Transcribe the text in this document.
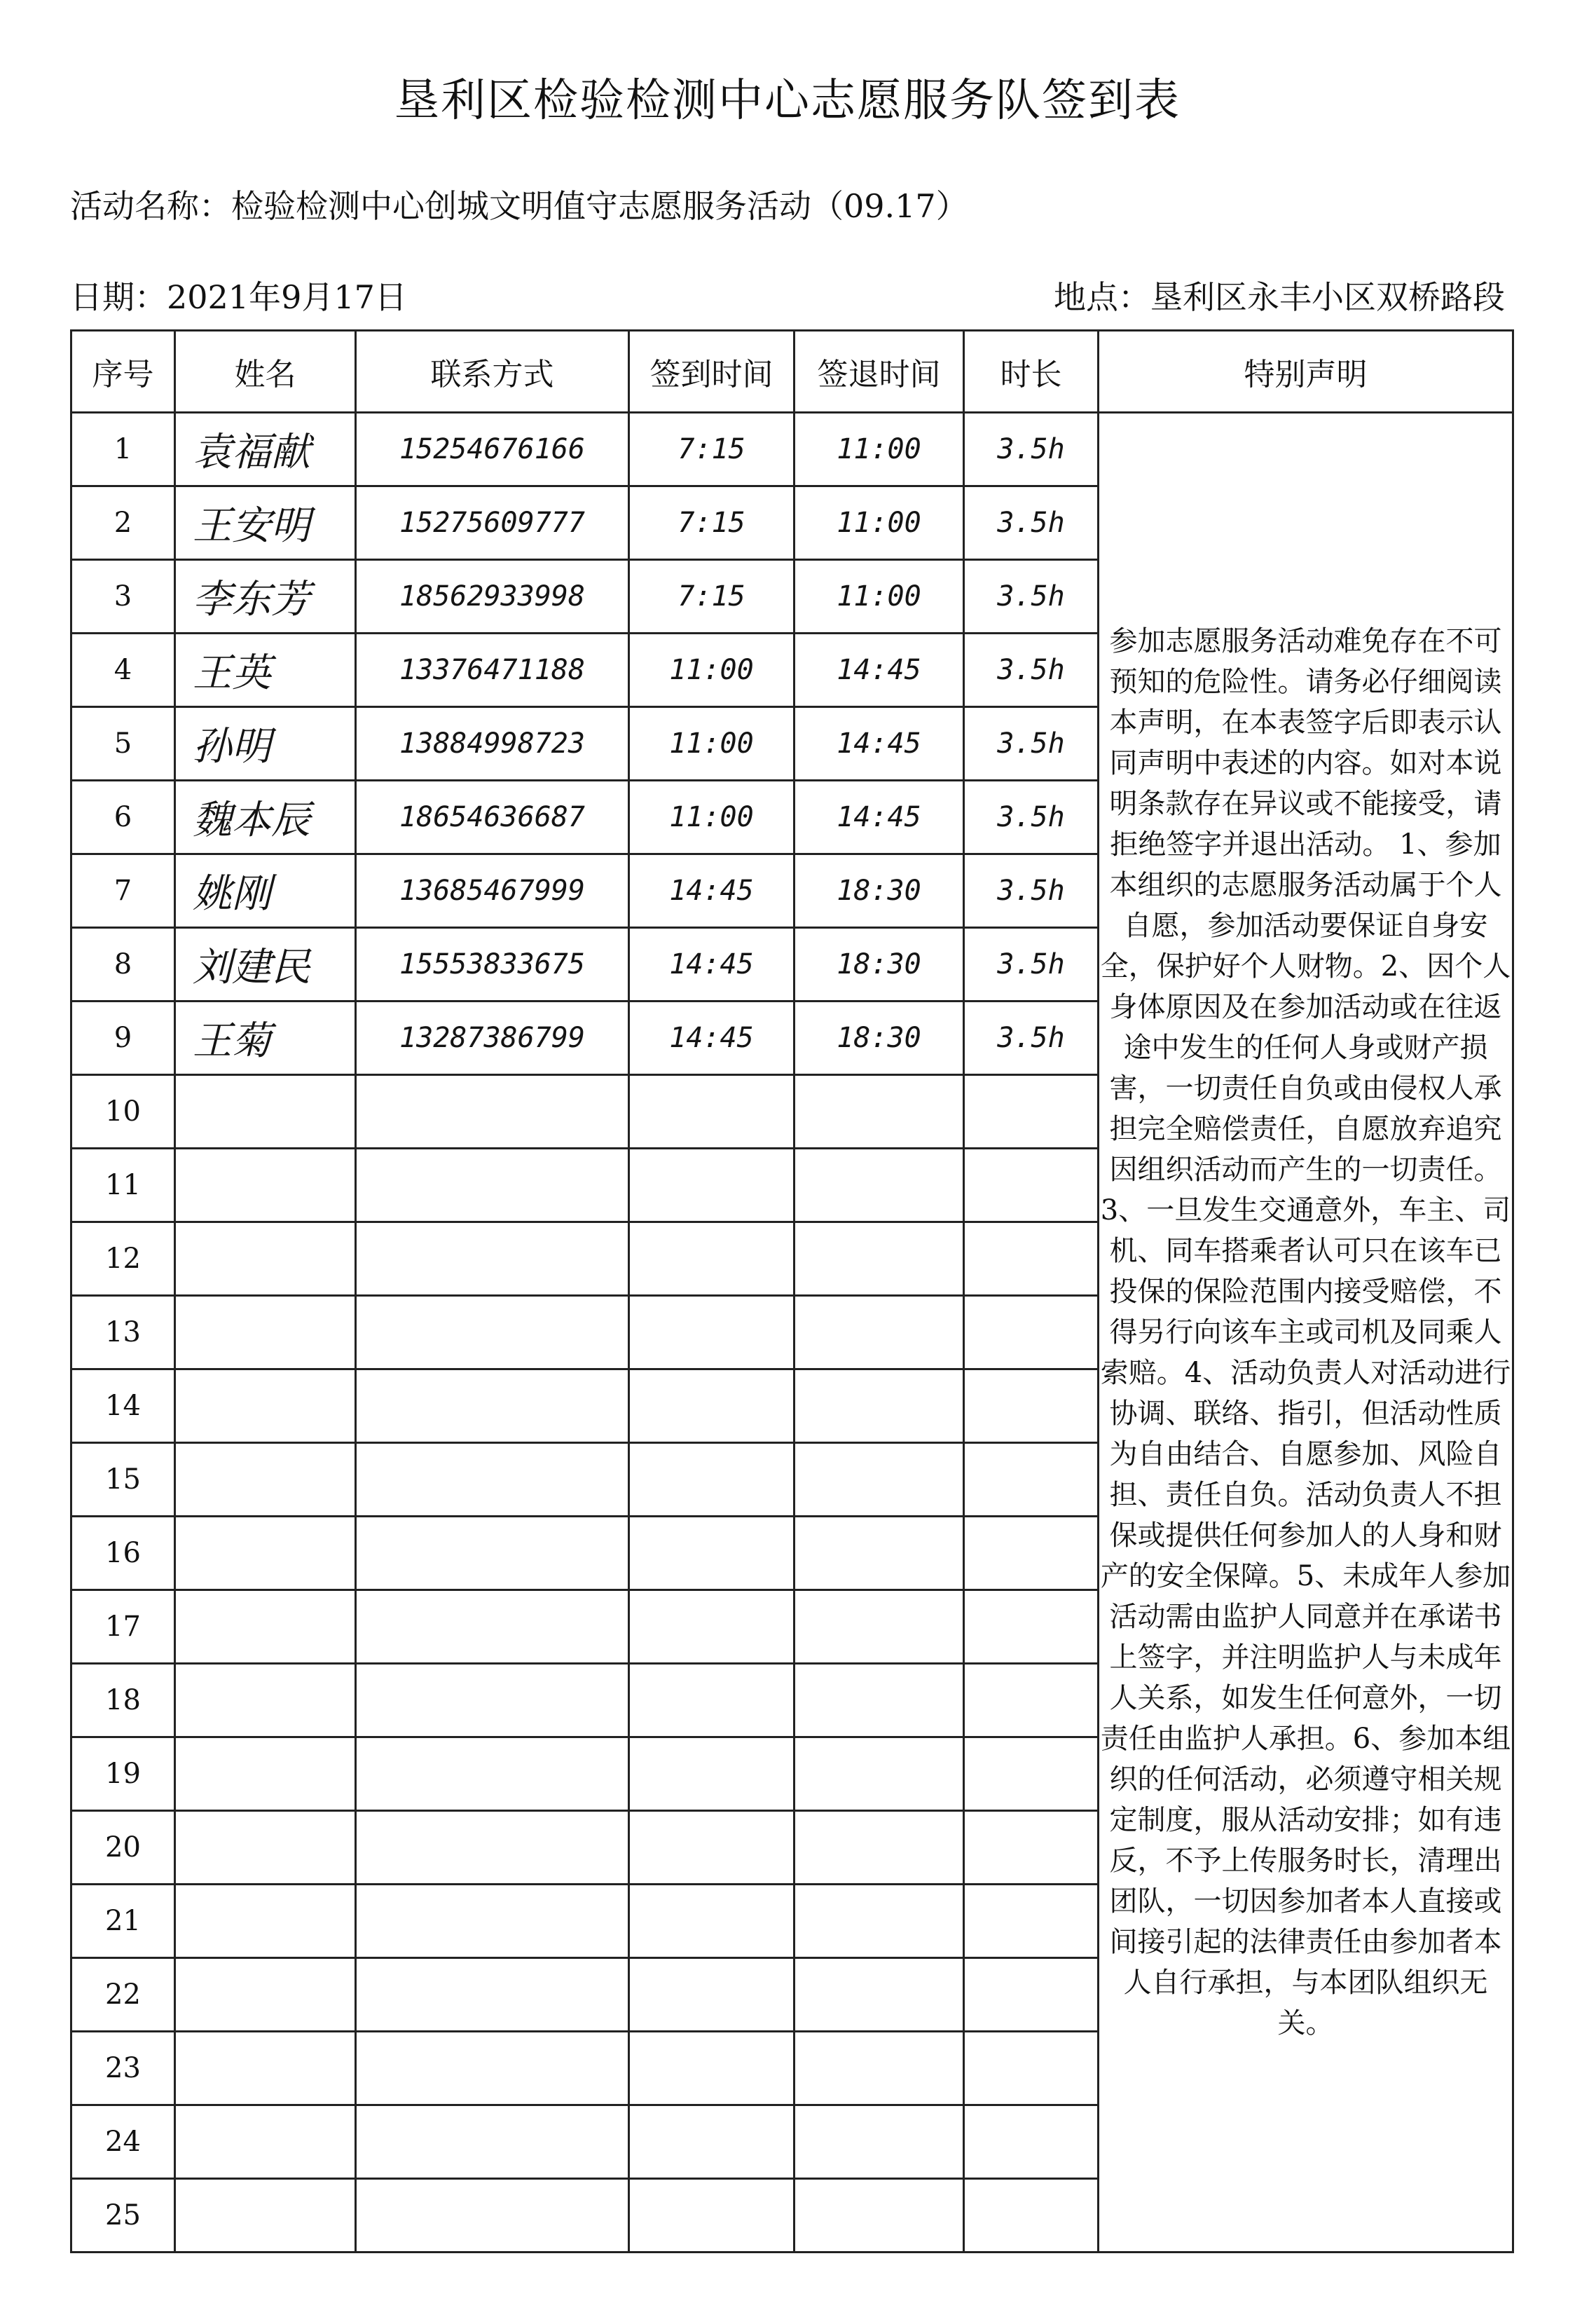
垦利区检验检测中心志愿服务队签到表
活动名称：检验检测中心创城文明值守志愿服务活动（09.17）
日期：2021年9月17日	地点：垦利区永丰小区双桥路段
序号	姓名	联系方式	签到时间	签退时间	时长	特别声明
1	袁福献	15254676166	7:15	11:00	3.5h	参加志愿服务活动难免存在不可预知的危险性。请务必仔细阅读本声明，在本表签字后即表示认同声明中表述的内容。如对本说明条款存在异议或不能接受，请拒绝签字并退出活动。 1、参加本组织的志愿服务活动属于个人自愿，参加活动要保证自身安全，保护好个人财物。2、因个人身体原因及在参加活动或在往返途中发生的任何人身或财产损害，一切责任自负或由侵权人承担完全赔偿责任，自愿放弃追究因组织活动而产生的一切责任。3、一旦发生交通意外，车主、司机、同车搭乘者认可只在该车已投保的保险范围内接受赔偿，不得另行向该车主或司机及同乘人索赔。4、活动负责人对活动进行协调、联络、指引，但活动性质为自由结合、自愿参加、风险自担、责任自负。活动负责人不担保或提供任何参加人的人身和财产的安全保障。5、未成年人参加活动需由监护人同意并在承诺书上签字，并注明监护人与未成年人关系，如发生任何意外，一切责任由监护人承担。6、参加本组织的任何活动，必须遵守相关规定制度，服从活动安排；如有违反，不予上传服务时长，清理出团队，一切因参加者本人直接或间接引起的法律责任由参加者本人自行承担，与本团队组织无关。
2	王安明	15275609777	7:15	11:00	3.5h	
3	李东芳	18562933998	7:15	11:00	3.5h	
4	王英	13376471188	11:00	14:45	3.5h	
5	孙明	13884998723	11:00	14:45	3.5h	
6	魏本辰	18654636687	11:00	14:45	3.5h	
7	姚刚	13685467999	14:45	18:30	3.5h	
8	刘建民	15553833675	14:45	18:30	3.5h	
9	王菊	13287386799	14:45	18:30	3.5h	
10						
11						
12						
13						
14						
15						
16						
17						
18						
19						
20						
21						
22						
23						
24						
25						
